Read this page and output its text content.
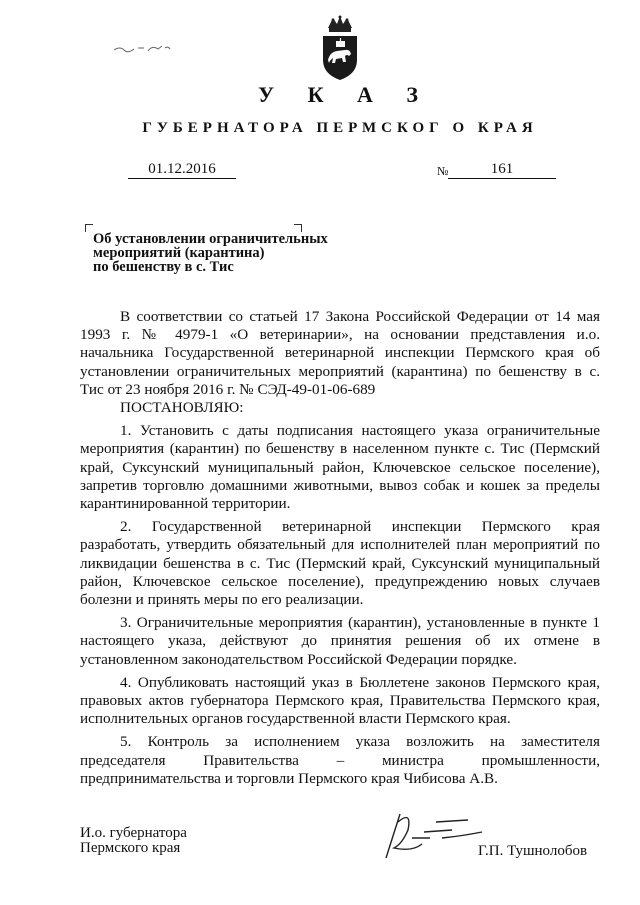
У К А З
ГУБЕРНАТОРА ПЕРМСКОГ О КРАЯ
01.12.2016	№	161
Об установлении ограничительных
мероприятий (карантина)
по бешенству в с. Тис

В соответствии со статьей 17 Закона Российской Федерации от 14 мая 1993 г. № 4979-1 «О ветеринарии», на основании представления и.о. начальника Государственной ветеринарной инспекции Пермского края об установлении ограничительных мероприятий (карантина) по бешенству в с. Тис от 23 ноября 2016 г. № СЭД-49-01-06-689

ПОСТАНОВЛЯЮ:

1. Установить с даты подписания настоящего указа ограничительные мероприятия (карантин) по бешенству в населенном пункте с. Тис (Пермский край, Суксунский муниципальный район, Ключевское сельское поселение), запретив торговлю домашними животными, вывоз собак и кошек за пределы карантинированной территории.

2. Государственной ветеринарной инспекции Пермского края разработать, утвердить обязательный для исполнителей план мероприятий по ликвидации бешенства в с. Тис (Пермский край, Суксунский муниципальный район, Ключевское сельское поселение), предупреждению новых случаев болезни и принять меры по его реализации.

3. Ограничительные мероприятия (карантин), установленные в пункте 1 настоящего указа, действуют до принятия решения об их отмене в установленном законодательством Российской Федерации порядке.

4. Опубликовать настоящий указ в Бюллетене законов Пермского края, правовых актов губернатора Пермского края, Правительства Пермского края, исполнительных органов государственной власти Пермского края.

5. Контроль за исполнением указа возложить на заместителя председателя Правительства – министра промышленности, предпринимательства и торговли Пермского края Чибисова А.В.

И.о. губернатора
Пермского края	Г.П. Тушнолобов
